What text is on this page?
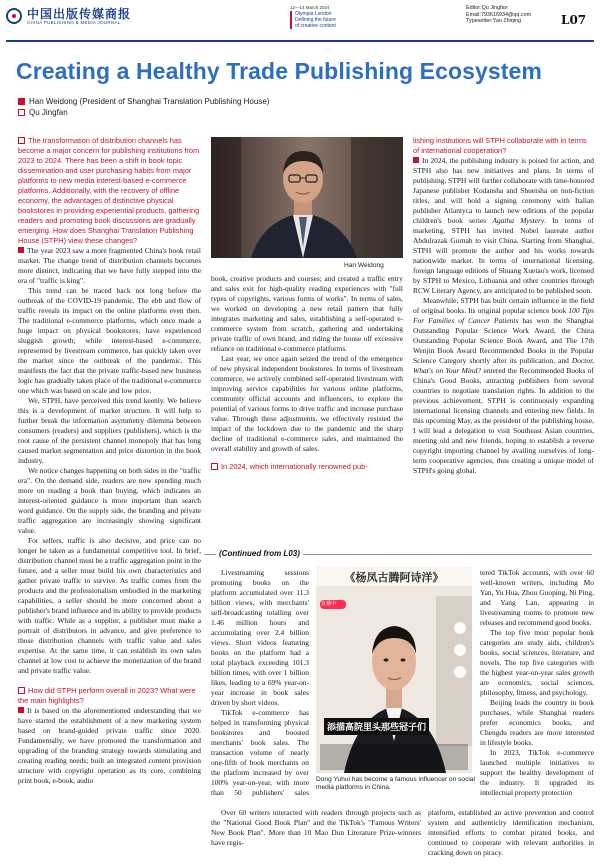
中国出版传媒商报
CHINA PUBLISHING & MEDIA JOURNAL
12—14 March 2024
Olympia London
Defining the future
of creative content
Editor:Qu Jingfan
Email:793616934@qq.com
Typesetter:Yao Zhiqing	L07
Creating a Healthy Trade Publishing Ecosystem
Han Weidong (President of Shanghai Translation Publishing House)
Qu Jingfan
The transformation of distribution channels has become a major concern for publishing institutions from 2023 to 2024. There has been a shift in book topic dissemination and user purchasing habits from major platforms to new media interest-based e-commerce platforms. Additionally, with the recovery of offline economy, the advantages of distinctive physical bookstores in providing experiential products, gathering readers and promoting book discussions are gradually emerging. How does Shanghai Translation Publishing House (STPH) view these changes?

The year 2023 saw a more fragmented China's book retail market. The change trend of distribution channels becomes more distinct, indicating that we have fully stepped into the era of "traffic is king".

This trend can be traced back not long before the outbreak of the COVID-19 pandemic. The ebb and flow of traffic reveals its impact on the online platforms even then. The traditional e-commerce platforms, which once made a huge impact on physical bookstores, have experienced sluggish growth; while interest-based e-commerce, represented by livestream commerce, has quickly taken over the market since the outbreak of the pandemic. This manifests the fact that the private traffic-based new business logic has gradually taken place of the traditional e-commerce one which was based on scale and low price.

We, STPH, have perceived this trend keenly. We believe this is a development of market structure. It will help to further break the information asymmetry dilemma between consumers (readers) and suppliers (publishers), which is the root cause of the persistent channel monopoly that has long caused market segmentation and price distortion in the book industry.

We notice changes happening on both sides in the "traffic era". On the demand side, readers are now spending much more on reading a book than buying, which indicates an interest-oriented guidance is more important than search word guidance. On the supply side, the branding and private traffic aggregation are increasingly showing significant value.

For sellers, traffic is also decisive, and price can no longer be taken as a fundamental competitive tool. In brief, distribution channel must be a traffic aggregation point in the future, and a seller must build his own characteristics and gather private traffic to survive. As traffic comes from the products and the professionalism embodied in the marketing capabilities, a seller should be more concerned about a publisher's brand influence and its ability to provide products with traffic. While as a supplier, a publisher must make a portrait of distributors in advance, and give preference to those distribution channels with traffic value and sales expertise. At the same time, it can establish its own sales channel at low cost to achieve the monetization of the brand and private traffic value.

How did STPH perform overall in 2023? What were the main highlights?

It is based on the aforementioned understanding that we have started the establishment of a new marketing system based on brand-guided private traffic since 2020. Fundamentally, we have promoted the transformation and upgrading of the branding strategy towards stimulating and creating reading needs; built an integrated content provision structure with copyright operation as its core, combining print book, e-book, audio

Han Weidong

book, creative products and courses; and created a traffic entry and sales exit for high-quality reading experiences with "full types of copyrights, various forms of works". In terms of sales, we worked on developing a new retail pattern that fully integrates marketing and sales, establishing a self-operated e-commerce system from scratch, gathering and undertaking private traffic of own brand, and riding the house off excessive reliance on traditional e-commerce platforms.

Last year, we once again seized the trend of the emergence of new physical independent bookstores. In terms of livestream commerce, we actively combined self-operated livestream with improving service capabilities for various online platforms, community official accounts and influencers, to explore the potential of various forms to drive traffic and increase purchase value. Through these adjustments, we effectively resisted the impact of the lockdown due to the pandemic and the sharp decline of traditional e-commerce sales, and maintained the overall stability and growth of sales.

In 2024, which internationally renowned pub-
lishing institutions will STPH collaborate with in terms of international cooperation?

In 2024, the publishing industry is poised for action, and STPH also has new initiatives and plans. In terms of publishing, STPH will further collaborate with time-honored Japanese publisher Kodansha and Shueisha on non-fiction titles, and will hold a signing ceremony with Italian publisher Atlantyca to launch new editions of the popular children's book series Agatha Mystery. In terms of marketing, STPH has invited Nobel laureate author Abdulrazak Gurnah to visit China. Starting from Shanghai, STPH will promote the author and his works towards nationwide market. In terms of international licensing, foreign language editions of Shuang Xuetao's work, licensed by STPH to Mexico, Lithuania and other countries through RCW Literary Agency, are anticipated to be published soon.

Meanwhile, STPH has built certain influence in the field of original books. Its original popular science book 100 Tips For Families of Cancer Patients has won the Shanghai Outstanding Popular Science Work Award, the China Outstanding Popular Science Book Award, and The 17th Wenjin Book Award Recommended Books in the Popular Science Category shortly after its publication, and Doctor, What's on Your Mind? entered the Recommended Books of China's Good Books, attracting publishers from several countries to negotiate translation rights. In addition to the previous achievement, STPH is continuously expanding international licensing channels and entering new fields. In this upcoming May, as the president of the publishing house, I will lead a delegation to visit Southeast Asian countries, meeting old and new friends, hoping to establish a reverse copyright importing channel by availing ourselves of long-term cooperative agencies, thus creating a unique model of STPH's going global.

(Continued from L03)

Livestreaming sessions promoting books on the platform accumulated over 11.3 billion views, with merchants' self-broadcasting totalling over 1.46 million hours and accumulating over 2.4 billion views. Short videos featuring books on the platform had a total playback exceeding 101.3 billion times, with over 1 billion likes, leading to a 69% year-on-year increase in book sales driven by short videos.

TikTok e-commerce has helped in transforming physical bookstores and boosted merchants' book sales. The transaction volume of nearly one-fifth of book merchants on the platform increased by over 100% year-on-year, with more than 50 publishers' sales

Over 60 writers interacted with readers through projects such as the "National Good Book Plan" and the TikTok's "Famous Writers' New Book Plan". More than 10 Mao Dun Literature Prize-winners have regis-

《杨凤古腾阿诗洋》
直播中
添描高院里头那些冠子们
Dong Yuhui has become a famous influencer on social media platforms in China.

tered TikTok accounts, with over 60 well-known writers, including Mo Yan, Yu Hua, Zhou Guoping, Ni Ping, and Yang Lan, appearing in livestreaming rooms to promote new releases and recommend good books.

The top five most popular book categories are study aids, children's books, social sciences, literature, and novels. The top five categories with the highest year-on-year sales growth are economics, social sciences, philosophy, fitness, and psychology.

Beijing leads the country in book purchases, while Shanghai readers prefer economics books, and Chengdu readers are more interested in lifestyle books.

In 2023, TikTok e-commerce launched multiple initiatives to support the healthy development of the industry. It upgraded its intellectual property protection

platform, established an active prevention and control system and authenticity identification mechanism, intensified efforts to combat pirated books, and continued to cooperate with relevant authorities in cracking down on piracy.
